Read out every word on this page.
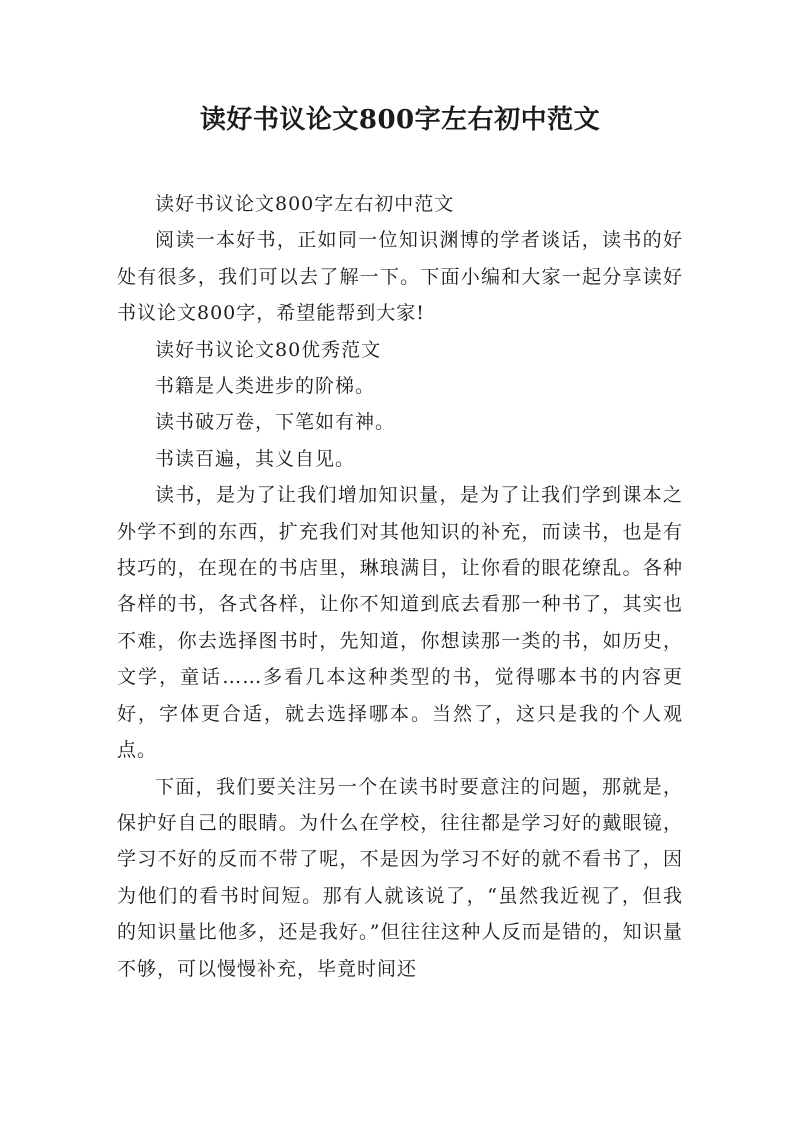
读好书议论文800字左右初中范文

读好书议论文800字左右初中范文

阅读一本好书，正如同一位知识渊博的学者谈话，读书的好处有很多，我们可以去了解一下。下面小编和大家一起分享读好书议论文800字，希望能帮到大家!

读好书议论文80优秀范文

书籍是人类进步的阶梯。

读书破万卷，下笔如有神。

书读百遍，其义自见。

读书，是为了让我们增加知识量，是为了让我们学到课本之外学不到的东西，扩充我们对其他知识的补充，而读书，也是有技巧的，在现在的书店里，琳琅满目，让你看的眼花缭乱。各种各样的书，各式各样，让你不知道到底去看那一种书了，其实也不难，你去选择图书时，先知道，你想读那一类的书，如历史，文学，童话……多看几本这种类型的书，觉得哪本书的内容更好，字体更合适，就去选择哪本。当然了，这只是我的个人观点。

下面，我们要关注另一个在读书时要意注的问题，那就是，保护好自己的眼睛。为什么在学校，往往都是学习好的戴眼镜，学习不好的反而不带了呢，不是因为学习不好的就不看书了，因为他们的看书时间短。那有人就该说了，“虽然我近视了，但我的知识量比他多，还是我好。”但往往这种人反而是错的，知识量不够，可以慢慢补充，毕竟时间还
